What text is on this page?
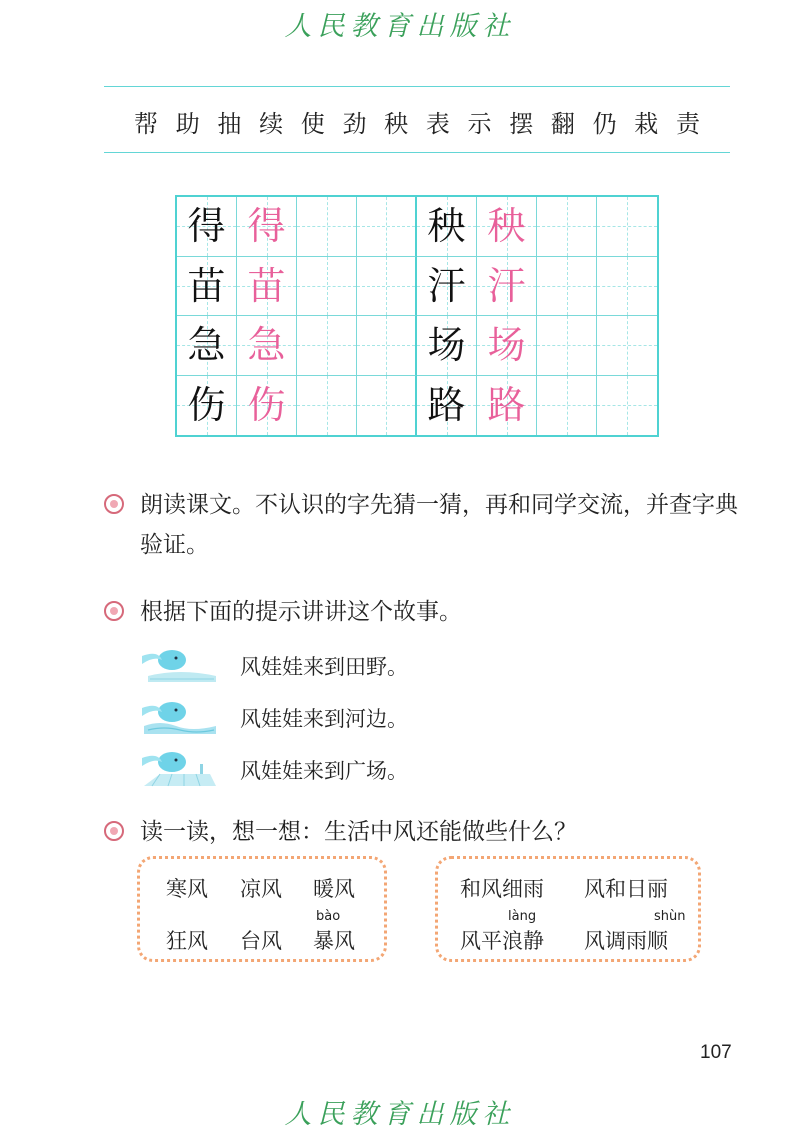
人民教育出版社
帮 助 抽 续 使 劲 秧 表 示 摆 翻 仍 栽 责
得 得	秧 秧
苗 苗	汗 汗
急 急	场 场
伤 伤	路 路
朗读课文。不认识的字先猜一猜，再和同学交流，并查字典验证。
根据下面的提示讲讲这个故事。
风娃娃来到田野。
风娃娃来到河边。
风娃娃来到广场。
读一读，想一想：生活中风还能做些什么？
寒风 凉风 暖风
bào
狂风 台风 暴风
和风细雨 风和日丽
làng	shùn
风平浪静 风调雨顺
107
人民教育出版社
